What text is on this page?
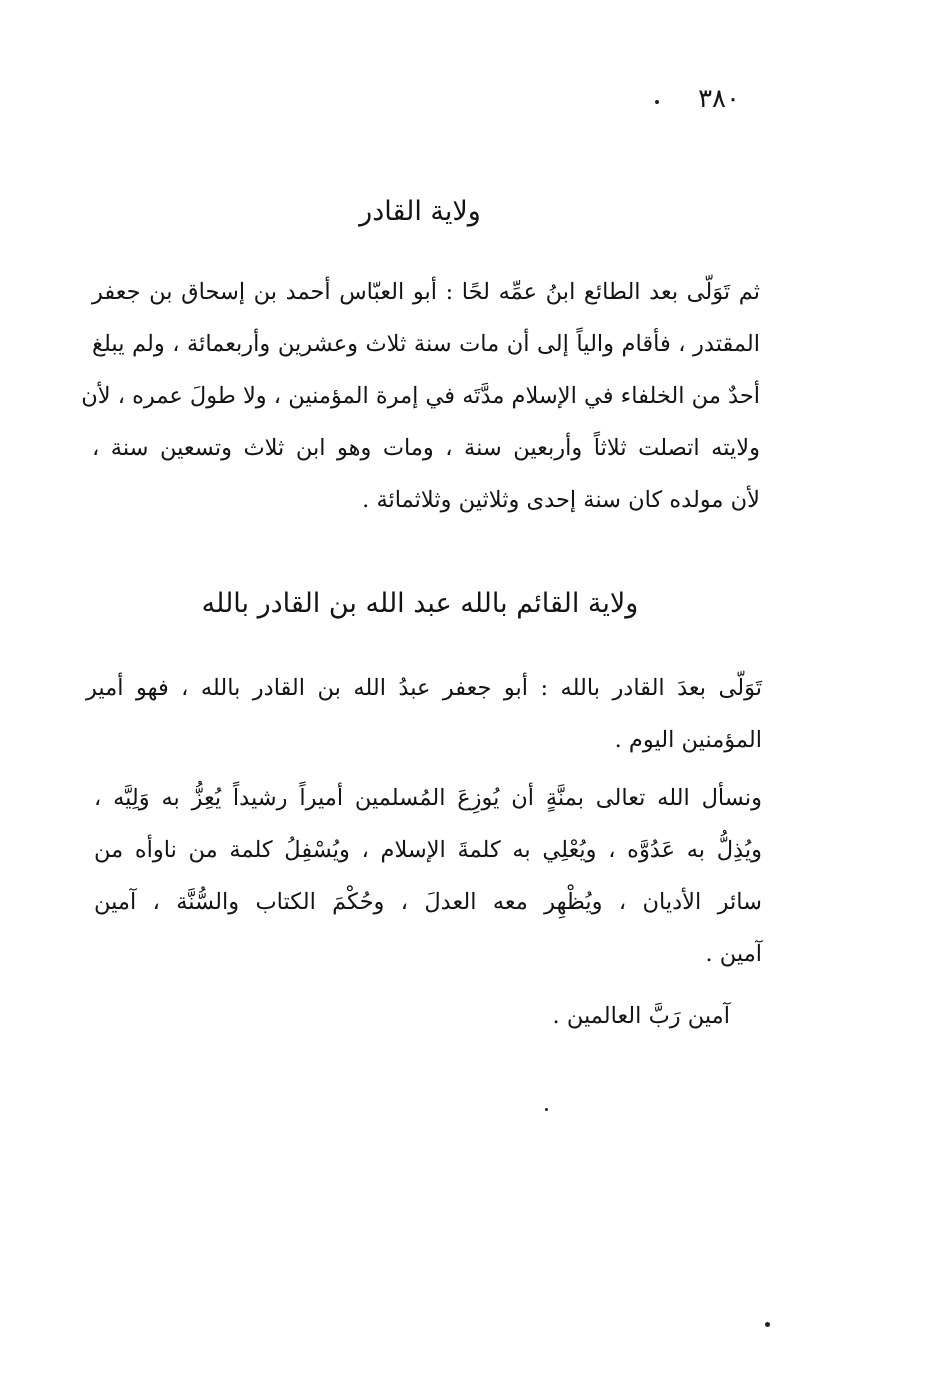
٣٨٠
ولاية القادر
ثم تَوَلّى بعد الطائع ابنُ عمِّه لحًا : أبو العبّاس أحمد بن إسحاق بن جعفر
المقتدر ، فأقام والياً إلى أن مات سنة ثلاث وعشرين وأربعمائة ، ولم يبلغ
أحدٌ من الخلفاء في الإسلام مدَّتَه في إمرة المؤمنين ، ولا طولَ عمره ، لأن
ولايته اتصلت ثلاثاً وأربعين سنة ، ومات وهو ابن ثلاث وتسعين سنة ،
لأن مولده كان سنة إحدى وثلاثين وثلاثمائة .
ولاية القائم بالله عبد الله بن القادر بالله
تَوَلّى بعدَ القادر بالله : أبو جعفر عبدُ الله بن القادر بالله ، فهو أمير
المؤمنين اليوم .
ونسأل الله تعالى بمنَّةٍ أن يُوزِعَ المُسلمين أميراً رشيداً يُعِزُّ به وَلِيَّه ،
ويُذِلُّ به عَدُوَّه ، ويُعْلِي به كلمةَ الإسلام ، ويُسْفِلُ كلمة من ناوأه من
سائر الأديان ، ويُظْهِر معه العدلَ ، وحُكْمَ الكتاب والسُّنَّة ، آمين
آمين .
آمين رَبَّ العالمين .
